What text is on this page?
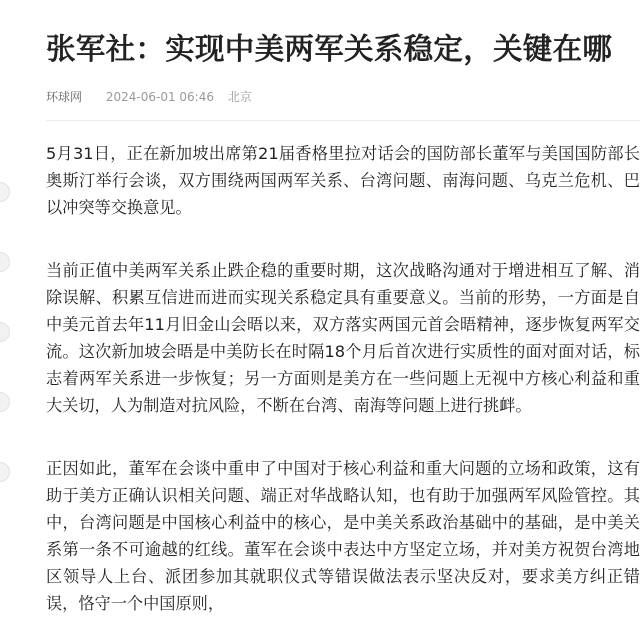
张军社：实现中美两军关系稳定，关键在哪
环球网 2024-06-01 06:46 北京

5月31日，正在新加坡出席第21届香格里拉对话会的国防部长董军与美国国防部长奥斯汀举行会谈，双方围绕两国两军关系、台湾问题、南海问题、乌克兰危机、巴以冲突等交换意见。

当前正值中美两军关系止跌企稳的重要时期，这次战略沟通对于增进相互了解、消除误解、积累互信进而进而实现关系稳定具有重要意义。当前的形势，一方面是自中美元首去年11月旧金山会晤以来，双方落实两国元首会晤精神，逐步恢复两军交流。这次新加坡会晤是中美防长在时隔18个月后首次进行实质性的面对面对话，标志着两军关系进一步恢复；另一方面则是美方在一些问题上无视中方核心利益和重大关切，人为制造对抗风险，不断在台湾、南海等问题上进行挑衅。

正因如此，董军在会谈中重申了中国对于核心利益和重大问题的立场和政策，这有助于美方正确认识相关问题、端正对华战略认知，也有助于加强两军风险管控。其中，台湾问题是中国核心利益中的核心，是中美关系政治基础中的基础，是中美关系第一条不可逾越的红线。董军在会谈中表达中方坚定立场，并对美方祝贺台湾地区领导人上台、派团参加其就职仪式等错误做法表示坚决反对，要求美方纠正错误，恪守一个中国原则，
